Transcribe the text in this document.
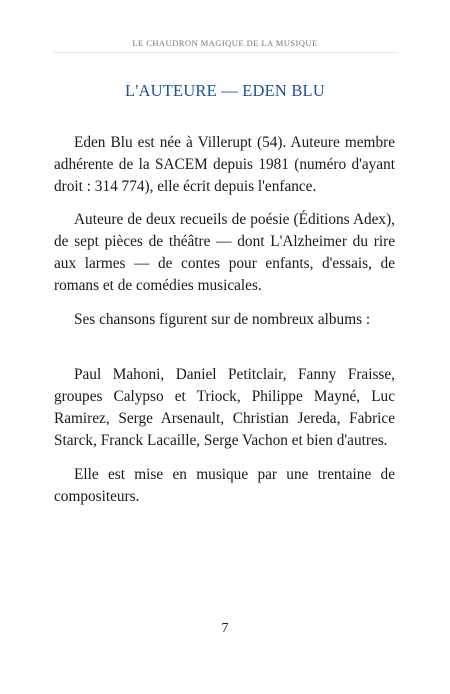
LE CHAUDRON MAGIQUE DE LA MUSIQUE
L'AUTEURE — EDEN BLU

Eden Blu est née à Villerupt (54). Auteure membre adhérente de la SACEM depuis 1981 (numéro d'ayant droit : 314 774), elle écrit depuis l'enfance.

Auteure de deux recueils de poésie (Éditions Adex), de sept pièces de théâtre — dont L'Alzheimer du rire aux larmes — de contes pour enfants, d'essais, de romans et de comédies musicales.

Ses chansons figurent sur de nombreux albums :

Paul Mahoni, Daniel Petitclair, Fanny Fraisse, groupes Calypso et Triock, Philippe Mayné, Luc Ramirez, Serge Arsenault, Christian Jereda, Fabrice Starck, Franck Lacaille, Serge Vachon et bien d'autres.

Elle est mise en musique par une trentaine de compositeurs.

7
